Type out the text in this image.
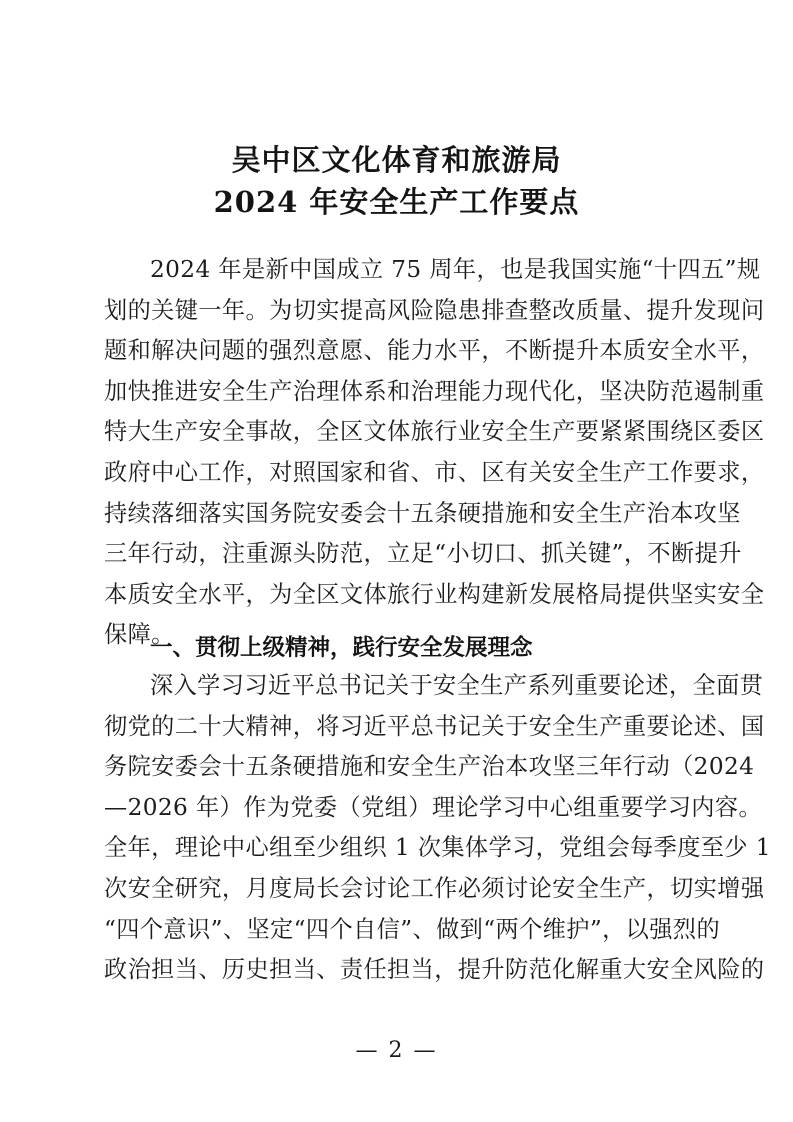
吴中区文化体育和旅游局
2024 年安全生产工作要点
2024 年是新中国成立 75 周年，也是我国实施“十四五”规
划的关键一年。为切实提高风险隐患排查整改质量、提升发现问
题和解决问题的强烈意愿、能力水平，不断提升本质安全水平，
加快推进安全生产治理体系和治理能力现代化，坚决防范遏制重
特大生产安全事故，全区文体旅行业安全生产要紧紧围绕区委区
政府中心工作，对照国家和省、市、区有关安全生产工作要求，
持续落细落实国务院安委会十五条硬措施和安全生产治本攻坚
三年行动，注重源头防范，立足“小切口、抓关键”，不断提升
本质安全水平，为全区文体旅行业构建新发展格局提供坚实安全
保障。
一、贯彻上级精神，践行安全发展理念
深入学习习近平总书记关于安全生产系列重要论述，全面贯
彻党的二十大精神，将习近平总书记关于安全生产重要论述、国
务院安委会十五条硬措施和安全生产治本攻坚三年行动（2024
—2026 年）作为党委（党组）理论学习中心组重要学习内容。
全年，理论中心组至少组织 1 次集体学习，党组会每季度至少 1
次安全研究，月度局长会讨论工作必须讨论安全生产，切实增强
“四个意识”、坚定“四个自信”、做到“两个维护”，以强烈的
政治担当、历史担当、责任担当，提升防范化解重大安全风险的
— 2 —
